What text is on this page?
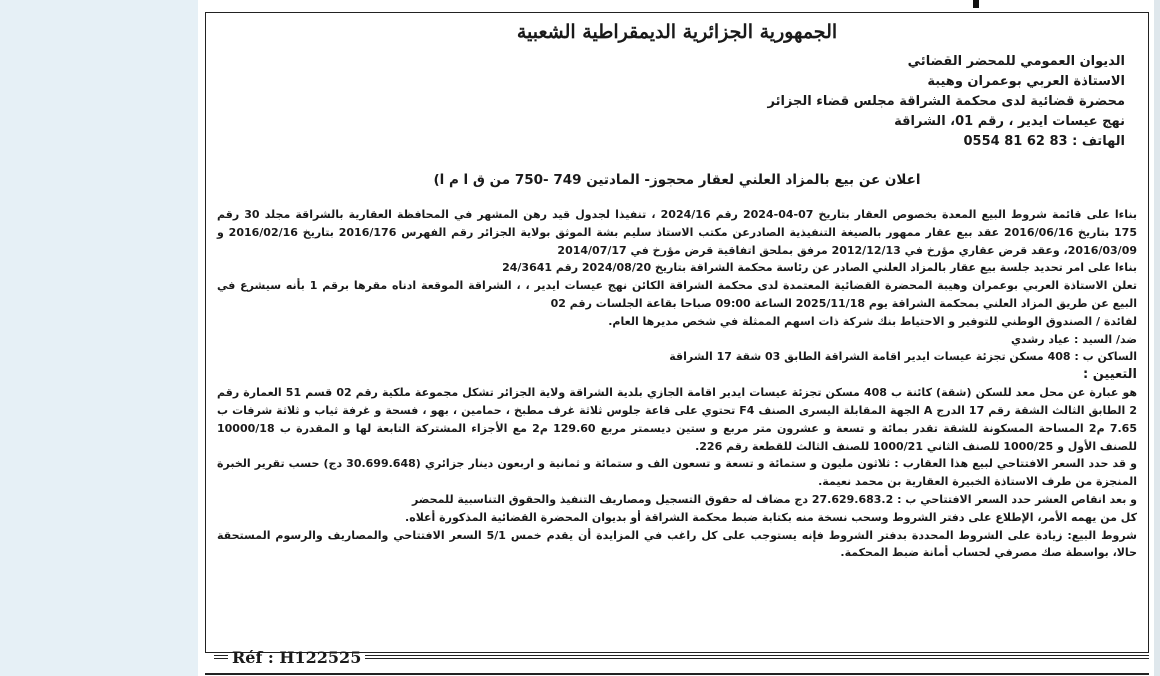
الجمهورية الجزائرية الديمقراطية الشعبية
الديوان العمومي للمحضر القضائي
الاستاذة العربي بوعمران وهيبة
محضرة قضائية لدى محكمة الشراقة مجلس قضاء الجزائر
نهج عيسات ايدير ، رقم 01، الشراقة
الهاتف : 83 62 81 0554
اعلان عن بيع بالمزاد العلني لعقار محجوز- المادتين 749 -750 من ق ا م ا)
بناءا على قائمة شروط البيع المعدة بخصوص العقار بتاريخ 07-04-2024 رقم 2024/16 ، تنفيذا لجدول قيد رهن المشهر في المحافظة العقارية بالشراقة مجلد 30 رقم 175 بتاريخ 2016/06/16 عقد بيع عقار ممهور بالصيغة التنفيذية الصادرعن مكتب الاستاذ سليم بشة الموثق بولاية الجزائر رقم الفهرس 2016/176 بتاريخ 2016/02/16 و 2016/03/09، وعقد قرض عقاري مؤرخ في 2012/12/13 مرفق بملحق اتفاقية قرض مؤرخ في 2014/07/17
بناءا على امر تحديد جلسة بيع عقار بالمزاد العلني الصادر عن رئاسة محكمة الشراقة بتاريخ 2024/08/20 رقم 24/3641
تعلن الاستاذة العربي بوعمران وهيبة المحضرة القضائية المعتمدة لدى محكمة الشراقة الكائن نهج عيسات ايدير ، ، الشراقة الموقعة ادناه مقرها برقم 1 بأنه سيشرع في البيع عن طريق المزاد العلني بمحكمة الشراقة يوم 2025/11/18 الساعة 09:00 صباحا بقاعة الجلسات رقم 02
لفائدة / الصندوق الوطني للتوفير و الاحتياط بنك شركة ذات اسهم الممثلة في شخص مديرها العام.
ضد/ السيد : عياد رشدي
الساكن ب : 408 مسكن تجزئة عيسات ايدير اقامة الشراقة الطابق 03 شقة 17 الشراقة
التعيين :
هو عبارة عن محل معد للسكن (شقة) كائنة ب 408 مسكن تجزئة عيسات ايدير اقامة الجازي بلدية الشراقة ولاية الجزائر تشكل مجموعة ملكية رقم 02 قسم 51 العمارة رقم 2 الطابق الثالث الشقة رقم 17 الدرج A الجهة المقابلة اليسرى الصنف F4 تحتوي على قاعة جلوس ثلاثة غرف مطبخ ، حمامين ، بهو ، فسحة و غرفة ثياب و ثلاثة شرفات ب 7.65 م2 المساحة المسكونة للشقة تقدر بمائة و تسعة و عشرون متر مربع و ستين ديسمتر مربع 129.60 م2 مع الأجزاء المشتركة التابعة لها و المقدرة ب 10000/18 للصنف الأول و 1000/25 للصنف الثاني 1000/21 للصنف الثالث للقطعة رقم 226.
و قد حدد السعر الافتتاحي لبيع هذا العقارب : ثلاثون مليون و ستمائة و تسعة و تسعون الف و ستمائة و ثمانية و اربعون دينار جزائري (30.699.648 دج) حسب تقرير الخبرة المنجزة من طرف الاستاذة الخبيرة العقارية بن محمد نعيمة.
و بعد انقاص العشر حدد السعر الافتتاحي ب : 27.629.683.2 دج مضاف له حقوق التسجيل ومصاريف التنفيذ والحقوق التناسبية للمحضر
كل من يهمه الأمر، الإطلاع على دفتر الشروط وسحب نسخة منه بكتابة ضبط محكمة الشراقة أو بديوان المحضرة القضائية المذكورة أعلاه.
شروط البيع: زيادة على الشروط المحددة بدفتر الشروط فإنه يستوجب على كل راغب في المزايدة أن يقدم خمس 5/1 السعر الافتتاحي والمصاريف والرسوم المستحقة حالا، بواسطة صك مصرفي لحساب أمانة ضبط المحكمة.
Réf : H122525
